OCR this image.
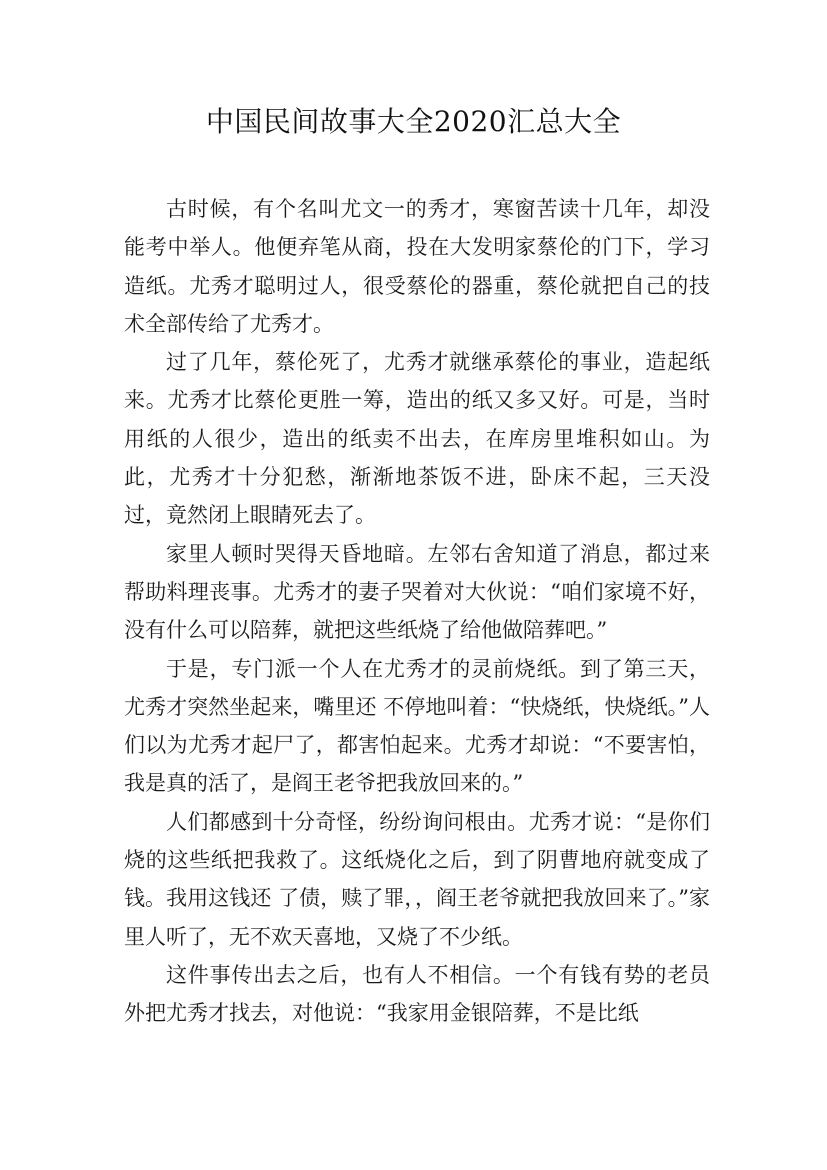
中国民间故事大全2020汇总大全

古时候，有个名叫尤文一的秀才，寒窗苦读十几年，却没能考中举人。他便弃笔从商，投在大发明家蔡伦的门下，学习造纸。尤秀才聪明过人，很受蔡伦的器重，蔡伦就把自己的技术全部传给了尤秀才。

过了几年，蔡伦死了，尤秀才就继承蔡伦的事业，造起纸来。尤秀才比蔡伦更胜一筹，造出的纸又多又好。可是，当时用纸的人很少，造出的纸卖不出去，在库房里堆积如山。为此，尤秀才十分犯愁，渐渐地茶饭不进，卧床不起，三天没过，竟然闭上眼睛死去了。

家里人顿时哭得天昏地暗。左邻右舍知道了消息，都过来帮助料理丧事。尤秀才的妻子哭着对大伙说：“咱们家境不好，没有什么可以陪葬，就把这些纸烧了给他做陪葬吧。”

于是，专门派一个人在尤秀才的灵前烧纸。到了第三天，尤秀才突然坐起来，嘴里还 不停地叫着：“快烧纸，快烧纸。”人们以为尤秀才起尸了，都害怕起来。尤秀才却说：“不要害怕，我是真的活了，是阎王老爷把我放回来的。”

人们都感到十分奇怪，纷纷询问根由。尤秀才说：“是你们烧的这些纸把我救了。这纸烧化之后，到了阴曹地府就变成了钱。我用这钱还 了债，赎了罪，，阎王老爷就把我放回来了。”家里人听了，无不欢天喜地，又烧了不少纸。

这件事传出去之后，也有人不相信。一个有钱有势的老员外把尤秀才找去，对他说：“我家用金银陪葬，不是比纸
